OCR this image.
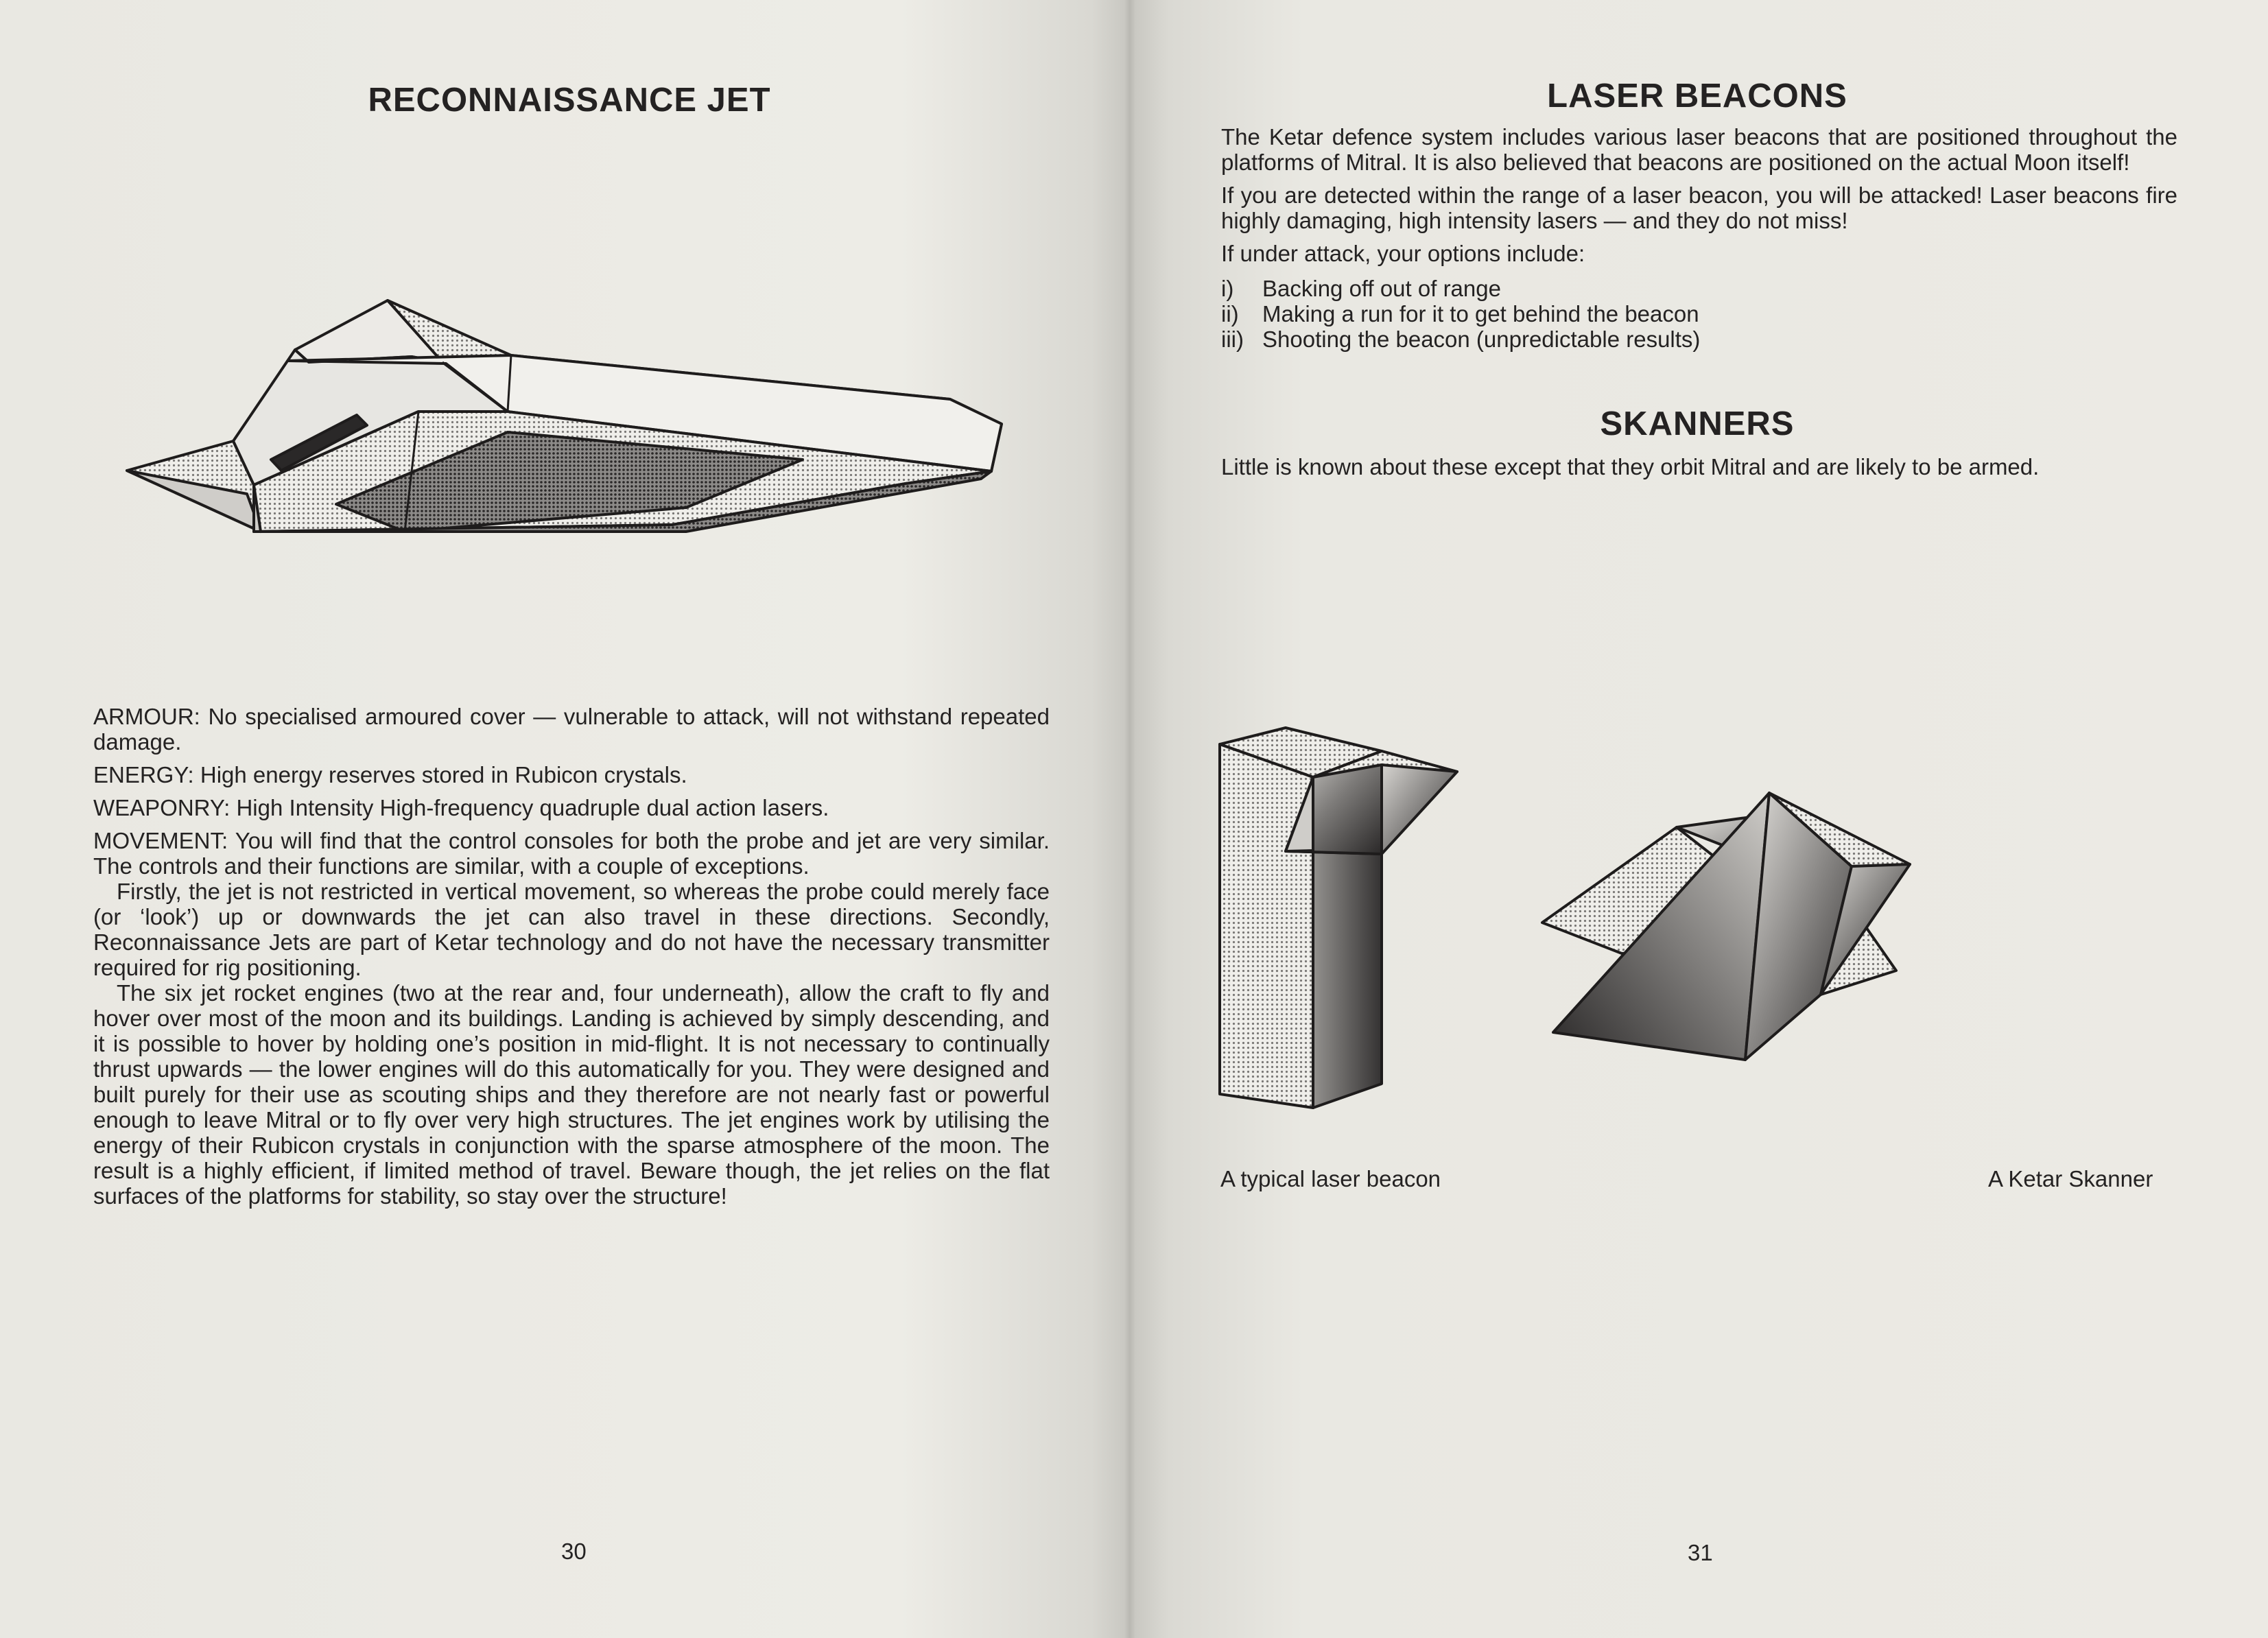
RECONNAISSANCE JET

ARMOUR: No specialised armoured cover — vulnerable to attack, will not withstand repeated damage.

ENERGY: High energy reserves stored in Rubicon crystals.

WEAPONRY: High Intensity High-frequency quadruple dual action lasers.

MOVEMENT: You will find that the control consoles for both the probe and jet are very similar. The controls and their functions are similar, with a couple of exceptions.

Firstly, the jet is not restricted in vertical movement, so whereas the probe could merely face (or ‘look’) up or downwards the jet can also travel in these directions. Secondly, Reconnaissance Jets are part of Ketar technology and do not have the necessary transmitter required for rig positioning.

The six jet rocket engines (two at the rear and, four underneath), allow the craft to fly and hover over most of the moon and its buildings. Landing is achieved by simply descending, and it is possible to hover by holding one’s position in mid-flight. It is not necessary to continually thrust upwards — the lower engines will do this automatically for you. They were designed and built purely for their use as scouting ships and they therefore are not nearly fast or powerful enough to leave Mitral or to fly over very high structures. The jet engines work by utilising the energy of their Rubicon crystals in conjunction with the sparse atmosphere of the moon. The result is a highly efficient, if limited method of travel. Beware though, the jet relies on the flat surfaces of the platforms for stability, so stay over the structure!

30
LASER BEACONS

The Ketar defence system includes various laser beacons that are positioned throughout the platforms of Mitral. It is also believed that beacons are positioned on the actual Moon itself!

If you are detected within the range of a laser beacon, you will be attacked! Laser beacons fire highly damaging, high intensity lasers — and they do not miss!

If under attack, your options include:

i)	Backing off out of range
ii)	Making a run for it to get behind the beacon
iii) Shooting the beacon (unpredictable results)
SKANNERS
Little is known about these except that they orbit Mitral and are likely to be armed.
A typical laser beacon	A Ketar Skanner
31
